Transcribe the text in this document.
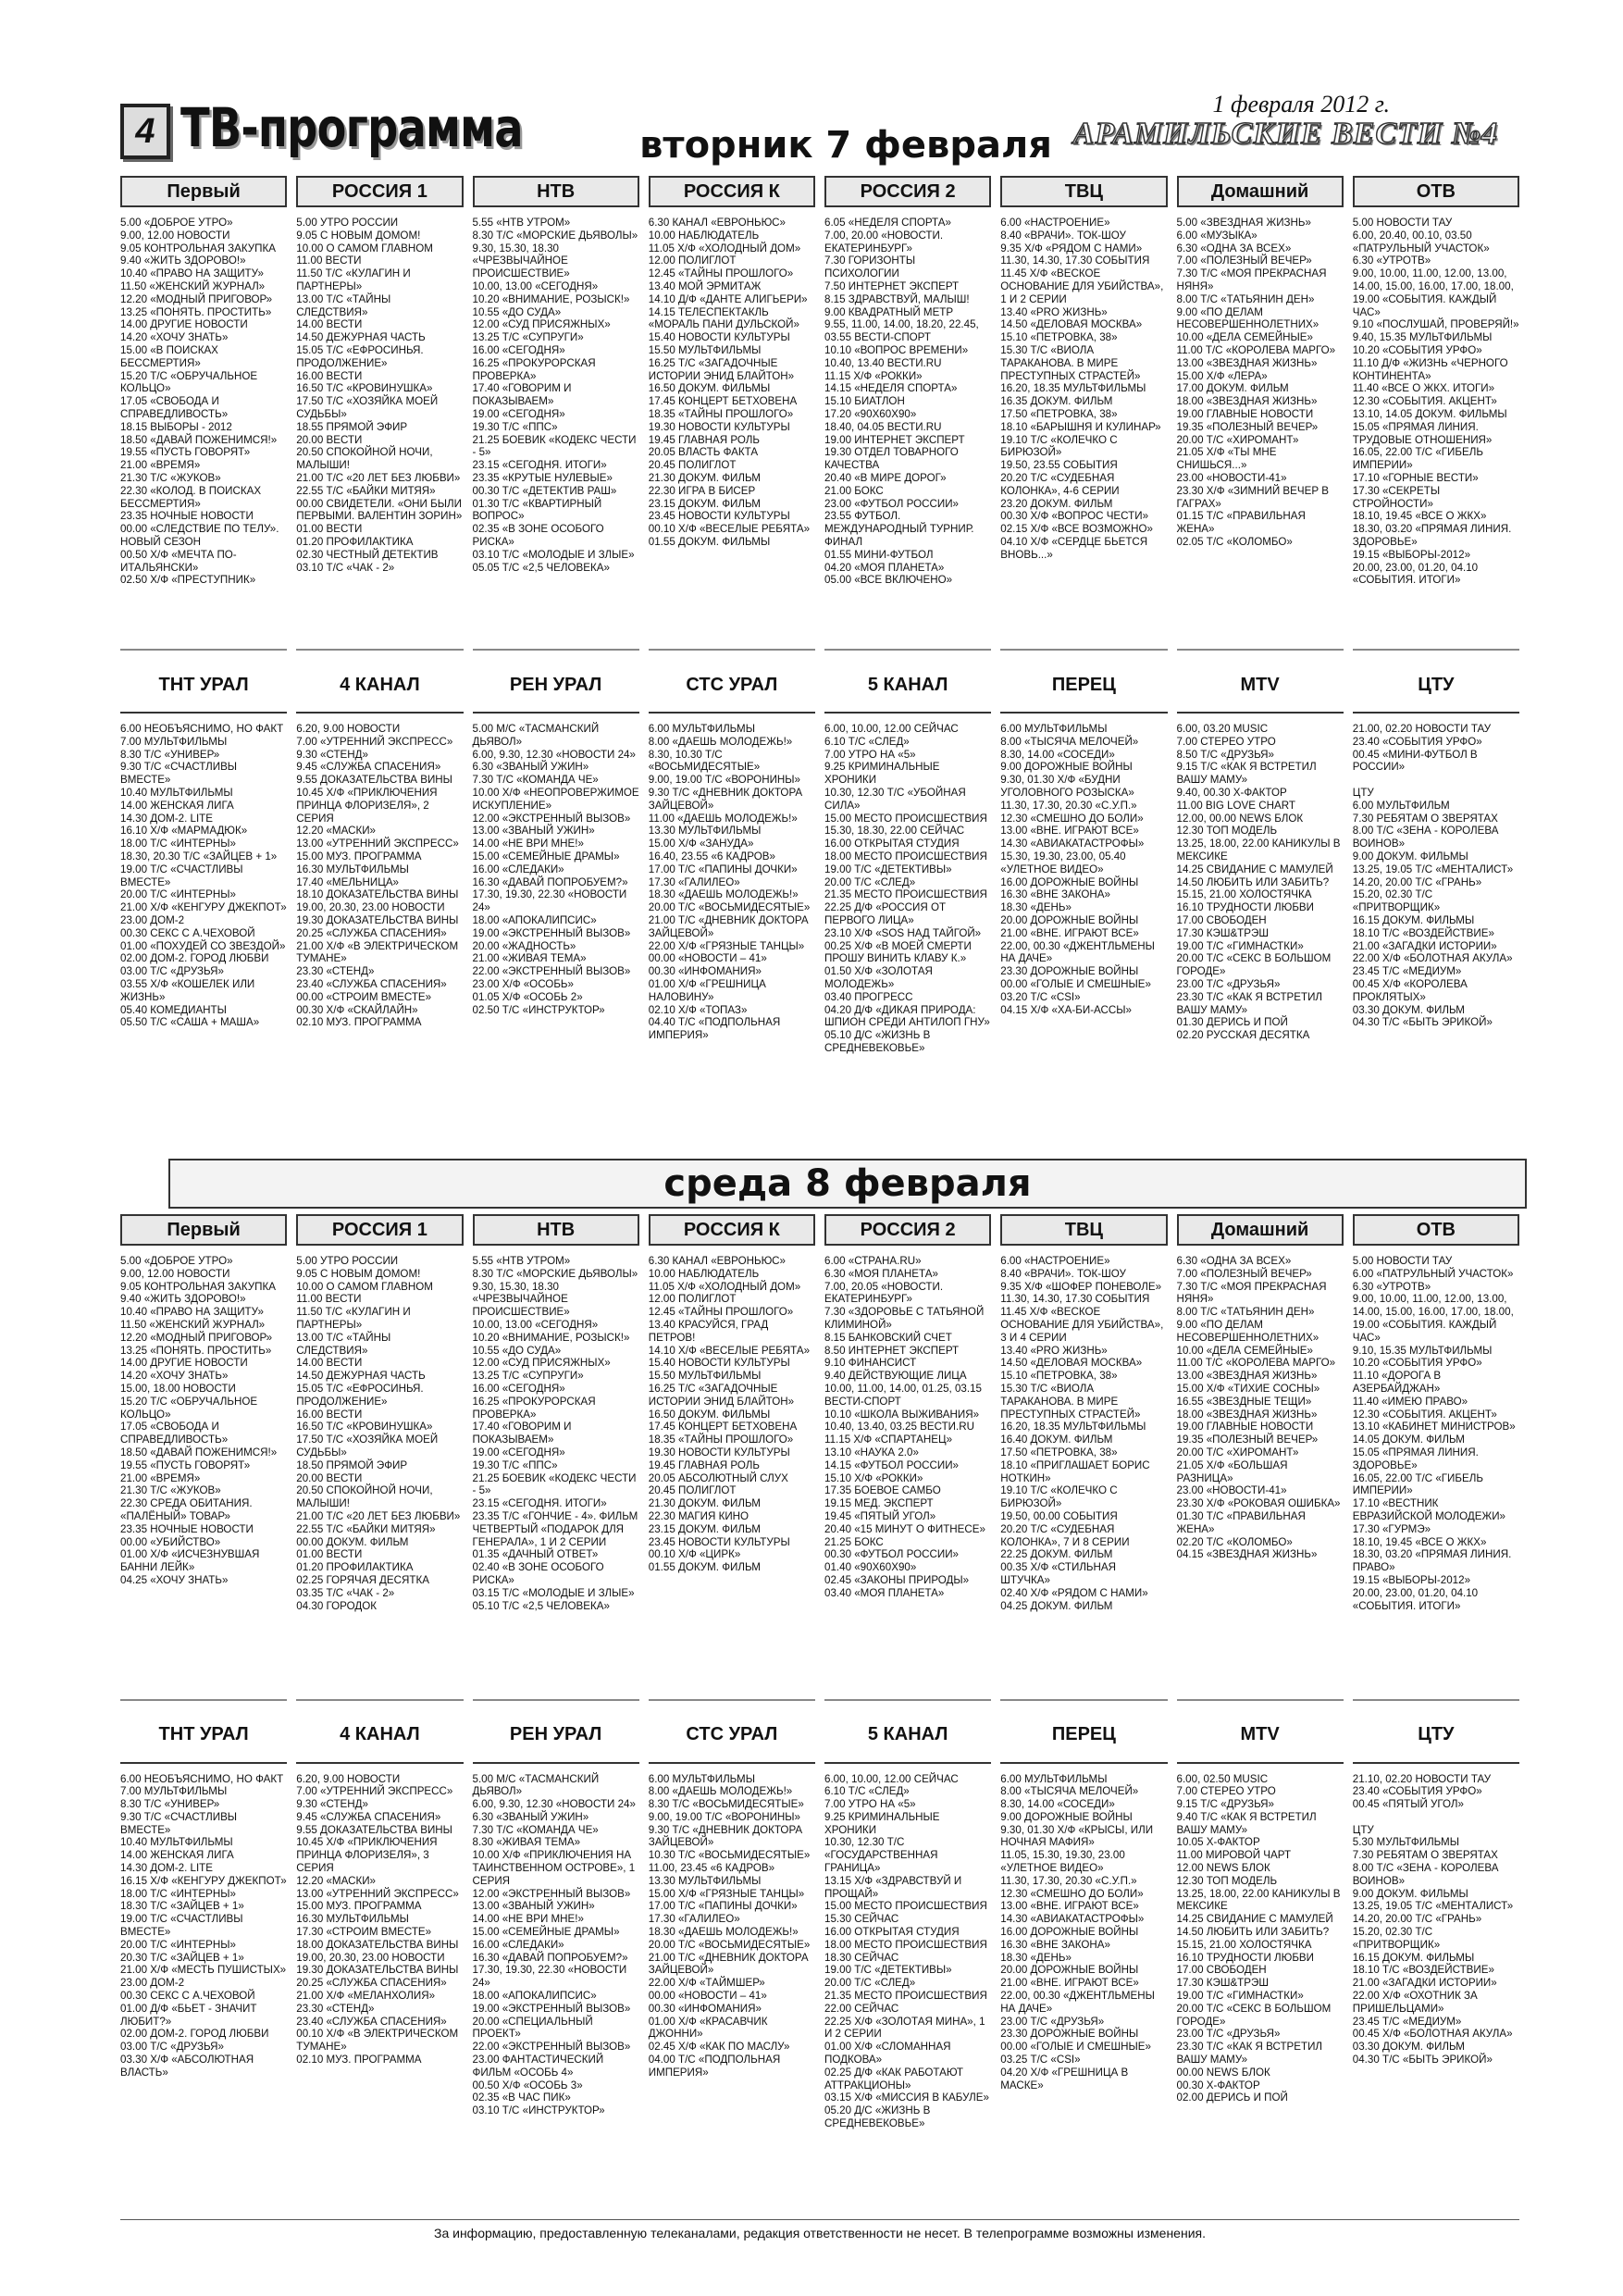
4 ТВ-программа	1 февраля 2012 г.
АРАМИЛЬСКИЕ ВЕСТИ №4
вторник 7 февраля
Первый
5.00 «ДОБРОЕ УТРО»
9.00, 12.00 НОВОСТИ
9.05 КОНТРОЛЬНАЯ ЗАКУПКА
9.40 «ЖИТЬ ЗДОРОВО!»
10.40 «ПРАВО НА ЗАЩИТУ»
11.50 «ЖЕНСКИЙ ЖУРНАЛ»
12.20 «МОДНЫЙ ПРИГОВОР»
13.25 «ПОНЯТЬ. ПРОСТИТЬ»
14.00 ДРУГИЕ НОВОСТИ
14.20 «ХОЧУ ЗНАТЬ»
15.00 «В ПОИСКАХ БЕССМЕРТИЯ»
15.20 Т/С «ОБРУЧАЛЬНОЕ КОЛЬЦО»
17.05 «СВОБОДА И СПРАВЕДЛИВОСТЬ»
18.15 ВЫБОРЫ - 2012
18.50 «ДАВАЙ ПОЖЕНИМСЯ!»
19.55 «ПУСТЬ ГОВОРЯТ»
21.00 «ВРЕМЯ»
21.30 Т/С «ЖУКОВ»
22.30 «КОЛОД. В ПОИСКАХ БЕССМЕРТИЯ»
23.35 НОЧНЫЕ НОВОСТИ
00.00 «СЛЕДСТВИЕ ПО ТЕЛУ». НОВЫЙ СЕЗОН
00.50 Х/Ф «МЕЧТА ПО-ИТАЛЬЯНСКИ»
02.50 Х/Ф «ПРЕСТУПНИК»
ТНТ УРАЛ
6.00 НЕОБЪЯСНИМО, НО ФАКТ
7.00 МУЛЬТФИЛЬМЫ
8.30 Т/С «УНИВЕР»
9.30 Т/С «СЧАСТЛИВЫ ВМЕСТЕ»
10.40 МУЛЬТФИЛЬМЫ
14.00 ЖЕНСКАЯ ЛИГА
14.30 ДОМ-2. LITE
16.10 Х/Ф «МАРМАДЮК»
18.00 Т/С «ИНТЕРНЫ»
18.30, 20.30 Т/С «ЗАЙЦЕВ + 1»
19.00 Т/С «СЧАСТЛИВЫ ВМЕСТЕ»
20.00 Т/С «ИНТЕРНЫ»
21.00 Х/Ф «КЕНГУРУ ДЖЕКПОТ»
23.00 ДОМ-2
00.30 СЕКС С А.ЧЕХОВОЙ
01.00 «ПОХУДЕЙ СО ЗВЕЗДОЙ»
02.00 ДОМ-2. ГОРОД ЛЮБВИ
03.00 Т/С «ДРУЗЬЯ»
03.55 Х/Ф «КОШЕЛЕК ИЛИ ЖИЗНЬ»
05.40 КОМЕДИАНТЫ
05.50 Т/С «САША + МАША»
РОССИЯ 1
5.00 УТРО РОССИИ
9.05 С НОВЫМ ДОМОМ!
10.00 О САМОМ ГЛАВНОМ
11.00 ВЕСТИ
11.50 Т/С «КУЛАГИН И ПАРТНЕРЫ»
13.00 Т/С «ТАЙНЫ СЛЕДСТВИЯ»
14.00 ВЕСТИ
14.50 ДЕЖУРНАЯ ЧАСТЬ
15.05 Т/С «ЕФРОСИНЬЯ. ПРОДОЛЖЕНИЕ»
16.00 ВЕСТИ
16.50 Т/С «КРОВИНУШКА»
17.50 Т/С «ХОЗЯЙКА МОЕЙ СУДЬБЫ»
18.55 ПРЯМОЙ ЭФИР
20.00 ВЕСТИ
20.50 СПОКОЙНОЙ НОЧИ, МАЛЫШИ!
21.00 Т/С «20 ЛЕТ БЕЗ ЛЮБВИ»
22.55 Т/С «БАЙКИ МИТЯЯ»
00.00 СВИДЕТЕЛИ. «ОНИ БЫЛИ ПЕРВЫМИ. ВАЛЕНТИН ЗОРИН»
01.00 ВЕСТИ
01.20 ПРОФИЛАКТИКА
02.30 ЧЕСТНЫЙ ДЕТЕКТИВ
03.10 Т/С «ЧАК - 2»
4 КАНАЛ
6.20, 9.00 НОВОСТИ
7.00 «УТРЕННИЙ ЭКСПРЕСС»
9.30 «СТЕНД»
9.45 «СЛУЖБА СПАСЕНИЯ»
9.55 ДОКАЗАТЕЛЬСТВА ВИНЫ
10.45 Х/Ф «ПРИКЛЮЧЕНИЯ ПРИНЦА ФЛОРИЗЕЛЯ», 2 СЕРИЯ
12.20 «МАСКИ»
13.00 «УТРЕННИЙ ЭКСПРЕСС»
15.00 МУЗ. ПРОГРАММА
16.30 МУЛЬТФИЛЬМЫ
17.40 «МЕЛЬНИЦА»
18.10 ДОКАЗАТЕЛЬСТВА ВИНЫ
19.00, 20.30, 23.00 НОВОСТИ
19.30 ДОКАЗАТЕЛЬСТВА ВИНЫ
20.25 «СЛУЖБА СПАСЕНИЯ»
21.00 Х/Ф «В ЭЛЕКТРИЧЕСКОМ ТУМАНЕ»
23.30 «СТЕНД»
23.40 «СЛУЖБА СПАСЕНИЯ»
00.00 «СТРОИМ ВМЕСТЕ»
00.30 Х/Ф «СКАЙЛАЙН»
02.10 МУЗ. ПРОГРАММА
НТВ
5.55 «НТВ УТРОМ»
8.30 Т/С «МОРСКИЕ ДЬЯВОЛЫ»
9.30, 15.30, 18.30 «ЧРЕЗВЫЧАЙНОЕ ПРОИСШЕСТВИЕ»
10.00, 13.00 «СЕГОДНЯ»
10.20 «ВНИМАНИЕ, РОЗЫСК!»
10.55 «ДО СУДА»
12.00 «СУД ПРИСЯЖНЫХ»
13.25 Т/С «СУПРУГИ»
16.00 «СЕГОДНЯ»
16.25 «ПРОКУРОРСКАЯ ПРОВЕРКА»
17.40 «ГОВОРИМ И ПОКАЗЫВАЕМ»
19.00 «СЕГОДНЯ»
19.30 Т/С «ППС»
21.25 БОЕВИК «КОДЕКС ЧЕСТИ - 5»
23.15 «СЕГОДНЯ. ИТОГИ»
23.35 «КРУТЫЕ НУЛЕВЫЕ»
00.30 Т/С «ДЕТЕКТИВ РАШ»
01.30 Т/С «КВАРТИРНЫЙ ВОПРОС»
02.35 «В ЗОНЕ ОСОБОГО РИСКА»
03.10 Т/С «МОЛОДЫЕ И ЗЛЫЕ»
05.05 Т/С «2,5 ЧЕЛОВЕКА»
РЕН УРАЛ
5.00 М/С «ТАСМАНСКИЙ ДЬЯВОЛ»
6.00, 9.30, 12.30 «НОВОСТИ 24»
6.30 «ЗВАНЫЙ УЖИН»
7.30 Т/С «КОМАНДА ЧЕ»
10.00 Х/Ф «НЕОПРОВЕРЖИМОЕ ИСКУПЛЕНИЕ»
12.00 «ЭКСТРЕННЫЙ ВЫЗОВ»
13.00 «ЗВАНЫЙ УЖИН»
14.00 «НЕ ВРИ МНЕ!»
15.00 «СЕМЕЙНЫЕ ДРАМЫ»
16.00 «СЛЕДАКИ»
16.30 «ДАВАЙ ПОПРОБУЕМ?»
17.30, 19.30, 22.30 «НОВОСТИ 24»
18.00 «АПОКАЛИПСИС»
19.00 «ЭКСТРЕННЫЙ ВЫЗОВ»
20.00 «ЖАДНОСТЬ»
21.00 «ЖИВАЯ ТЕМА»
22.00 «ЭКСТРЕННЫЙ ВЫЗОВ»
23.00 Х/Ф «ОСОБЬ»
01.05 Х/Ф «ОСОБЬ 2»
02.50 Т/С «ИНСТРУКТОР»
РОССИЯ К
6.30 КАНАЛ «ЕВРОНЬЮС»
10.00 НАБЛЮДАТЕЛЬ
11.05 Х/Ф «ХОЛОДНЫЙ ДОМ»
12.00 ПОЛИГЛОТ
12.45 «ТАЙНЫ ПРОШЛОГО»
13.40 МОЙ ЭРМИТАЖ
14.10 Д/Ф «ДАНТЕ АЛИГЬЕРИ»
14.15 ТЕЛЕСПЕКТАКЛЬ «МОРАЛЬ ПАНИ ДУЛЬСКОЙ»
15.40 НОВОСТИ КУЛЬТУРЫ
15.50 МУЛЬТФИЛЬМЫ
16.25 Т/С «ЗАГАДОЧНЫЕ ИСТОРИИ ЭНИД БЛАЙТОН»
16.50 ДОКУМ. ФИЛЬМЫ
17.45 КОНЦЕРТ БЕТХОВЕНА
18.35 «ТАЙНЫ ПРОШЛОГО»
19.30 НОВОСТИ КУЛЬТУРЫ
19.45 ГЛАВНАЯ РОЛЬ
20.05 ВЛАСТЬ ФАКТА
20.45 ПОЛИГЛОТ
21.30 ДОКУМ. ФИЛЬМ
22.30 ИГРА В БИСЕР
23.15 ДОКУМ. ФИЛЬМ
23.45 НОВОСТИ КУЛЬТУРЫ
00.10 Х/Ф «ВЕСЕЛЫЕ РЕБЯТА»
01.55 ДОКУМ. ФИЛЬМЫ
СТС УРАЛ
6.00 МУЛЬТФИЛЬМЫ
8.00 «ДАЕШЬ МОЛОДЕЖЬ!»
8.30, 10.30 Т/С «ВОСЬМИДЕСЯТЫЕ»
9.00, 19.00 Т/С «ВОРОНИНЫ»
9.30 Т/С «ДНЕВНИК ДОКТОРА ЗАЙЦЕВОЙ»
11.00 «ДАЕШЬ МОЛОДЕЖЬ!»
13.30 МУЛЬТФИЛЬМЫ
15.00 Х/Ф «ЗАНУДА»
16.40, 23.55 «6 КАДРОВ»
17.00 Т/С «ПАПИНЫ ДОЧКИ»
17.30 «ГАЛИЛЕО»
18.30 «ДАЕШЬ МОЛОДЕЖЬ!»
20.00 Т/С «ВОСЬМИДЕСЯТЫЕ»
21.00 Т/С «ДНЕВНИК ДОКТОРА ЗАЙЦЕВОЙ»
22.00 Х/Ф «ГРЯЗНЫЕ ТАНЦЫ»
00.00 «НОВОСТИ – 41»
00.30 «ИНФОМАНИЯ»
01.00 Х/Ф «ГРЕШНИЦА НАЛОВИНУ»
02.10 Х/Ф «ТОПАЗ»
04.40 Т/С «ПОДПОЛЬНАЯ ИМПЕРИЯ»
РОССИЯ 2
6.05 «НЕДЕЛЯ СПОРТА»
7.00, 20.00 «НОВОСТИ. ЕКАТЕРИНБУРГ»
7.30 ГОРИЗОНТЫ ПСИХОЛОГИИ
7.50 ИНТЕРНЕТ ЭКСПЕРТ
8.15 ЗДРАВСТВУЙ, МАЛЫШ!
9.00 КВАДРАТНЫЙ МЕТР
9.55, 11.00, 14.00, 18.20, 22.45, 03.55 ВЕСТИ-СПОРТ
10.10 «ВОПРОС ВРЕМЕНИ»
10.40, 13.40 ВЕСТИ.RU
11.15 Х/Ф «РОККИ»
14.15 «НЕДЕЛЯ СПОРТА»
15.10 БИАТЛОН
17.20 «90Х60Х90»
18.40, 04.05 ВЕСТИ.RU
19.00 ИНТЕРНЕТ ЭКСПЕРТ
19.30 ОТДЕЛ ТОВАРНОГО КАЧЕСТВА
20.40 «В МИРЕ ДОРОГ»
21.00 БОКС
23.00 «ФУТБОЛ РОССИИ»
23.55 ФУТБОЛ. МЕЖДУНАРОДНЫЙ ТУРНИР. ФИНАЛ
01.55 МИНИ-ФУТБОЛ
04.20 «МОЯ ПЛАНЕТА»
05.00 «ВСЕ ВКЛЮЧЕНО»
5 КАНАЛ
6.00, 10.00, 12.00 СЕЙЧАС
6.10 Т/С «СЛЕД»
7.00 УТРО НА «5»
9.25 КРИМИНАЛЬНЫЕ ХРОНИКИ
10.30, 12.30 Т/С «УБОЙНАЯ СИЛА»
15.00 МЕСТО ПРОИСШЕСТВИЯ
15.30, 18.30, 22.00 СЕЙЧАС
16.00 ОТКРЫТАЯ СТУДИЯ
18.00 МЕСТО ПРОИСШЕСТВИЯ
19.00 Т/С «ДЕТЕКТИВЫ»
20.00 Т/С «СЛЕД»
21.35 МЕСТО ПРОИСШЕСТВИЯ
22.25 Д/Ф «РОССИЯ ОТ ПЕРВОГО ЛИЦА»
23.10 Х/Ф «SOS НАД ТАЙГОЙ»
00.25 Х/Ф «В МОЕЙ СМЕРТИ ПРОШУ ВИНИТЬ КЛАВУ К.»
01.50 Х/Ф «ЗОЛОТАЯ МОЛОДЕЖЬ»
03.40 ПРОГРЕСС
04.20 Д/Ф «ДИКАЯ ПРИРОДА: ШПИОН СРЕДИ АНТИЛОП ГНУ»
05.10 Д/С «ЖИЗНЬ В СРЕДНЕВЕКОВЬЕ»
ТВЦ
6.00 «НАСТРОЕНИЕ»
8.40 «ВРАЧИ». ТОК-ШОУ
9.35 Х/Ф «РЯДОМ С НАМИ»
11.30, 14.30, 17.30 СОБЫТИЯ
11.45 Х/Ф «ВЕСКОЕ ОСНОВАНИЕ ДЛЯ УБИЙСТВА», 1 И 2 СЕРИИ
13.40 «PRO ЖИЗНЬ»
14.50 «ДЕЛОВАЯ МОСКВА»
15.10 «ПЕТРОВКА, 38»
15.30 Т/С «ВИОЛА ТАРАКАНОВА. В МИРЕ ПРЕСТУПНЫХ СТРАСТЕЙ»
16.20, 18.35 МУЛЬТФИЛЬМЫ
16.35 ДОКУМ. ФИЛЬМ
17.50 «ПЕТРОВКА, 38»
18.10 «БАРЫШНЯ И КУЛИНАР»
19.10 Т/С «КОЛЕЧКО С БИРЮЗОЙ»
19.50, 23.55 СОБЫТИЯ
20.20 Т/С «СУДЕБНАЯ КОЛОНКА», 4-6 СЕРИИ
23.20 ДОКУМ. ФИЛЬМ
00.30 Х/Ф «ВОПРОС ЧЕСТИ»
02.15 Х/Ф «ВСЕ ВОЗМОЖНО»
04.10 Х/Ф «СЕРДЦЕ БЬЕТСЯ ВНОВЬ...»
ПЕРЕЦ
6.00 МУЛЬТФИЛЬМЫ
8.00 «ТЫСЯЧА МЕЛОЧЕЙ»
8.30, 14.00 «СОСЕДИ»
9.00 ДОРОЖНЫЕ ВОЙНЫ
9.30, 01.30 Х/Ф «БУДНИ УГОЛОВНОГО РОЗЫСКА»
11.30, 17.30, 20.30 «С.У.П.»
12.30 «СМЕШНО ДО БОЛИ»
13.00 «ВНЕ. ИГРАЮТ ВСЕ»
14.30 «АВИАКАТАСТРОФЫ»
15.30, 19.30, 23.00, 05.40 «УЛЕТНОЕ ВИДЕО»
16.00 ДОРОЖНЫЕ ВОЙНЫ
16.30 «ВНЕ ЗАКОНА»
18.30 «ДЕНЬ»
20.00 ДОРОЖНЫЕ ВОЙНЫ
21.00 «ВНЕ. ИГРАЮТ ВСЕ»
22.00, 00.30 «ДЖЕНТЛЬМЕНЫ НА ДАЧЕ»
23.30 ДОРОЖНЫЕ ВОЙНЫ
00.00 «ГОЛЫЕ И СМЕШНЫЕ»
03.20 Т/С «CSI»
04.15 Х/Ф «ХА-БИ-АССЫ»
Домашний
5.00 «ЗВЕЗДНАЯ ЖИЗНЬ»
6.00 «МУЗЫКА»
6.30 «ОДНА ЗА ВСЕХ»
7.00 «ПОЛЕЗНЫЙ ВЕЧЕР»
7.30 Т/С «МОЯ ПРЕКРАСНАЯ НЯНЯ»
8.00 Т/С «ТАТЬЯНИН ДЕН»
9.00 «ПО ДЕЛАМ НЕСОВЕРШЕННОЛЕТНИХ»
10.00 «ДЕЛА СЕМЕЙНЫЕ»
11.00 Т/С «КОРОЛЕВА МАРГО»
13.00 «ЗВЕЗДНАЯ ЖИЗНЬ»
15.00 Х/Ф «ЛЕРА»
17.00 ДОКУМ. ФИЛЬМ
18.00 «ЗВЕЗДНАЯ ЖИЗНЬ»
19.00 ГЛАВНЫЕ НОВОСТИ
19.35 «ПОЛЕЗНЫЙ ВЕЧЕР»
20.00 Т/С «ХИРОМАНТ»
21.05 Х/Ф «ТЫ МНЕ СНИШЬСЯ...»
23.00 «НОВОСТИ-41»
23.30 Х/Ф «ЗИМНИЙ ВЕЧЕР В ГАГРАХ»
01.15 Т/С «ПРАВИЛЬНАЯ ЖЕНА»
02.05 Т/С «КОЛОМБО»
MTV
6.00, 03.20 MUSIC
7.00 СТЕРЕО УТРО
8.50 Т/С «ДРУЗЬЯ»
9.15 Т/С «КАК Я ВСТРЕТИЛ ВАШУ МАМУ»
9.40, 00.30 Х-ФАКТОР
11.00 BIG LOVE CHART
12.00, 00.00 NEWS БЛОК
12.30 ТОП МОДЕЛЬ
13.25, 18.00, 22.00 КАНИКУЛЫ В МЕКСИКЕ
14.25 СВИДАНИЕ С МАМУЛЕЙ
14.50 ЛЮБИТЬ ИЛИ ЗАБИТЬ?
15.15, 21.00 ХОЛОСТЯЧКА
16.10 ТРУДНОСТИ ЛЮБВИ
17.00 СВОБОДЕН
17.30 КЭШ&ТРЭШ
19.00 Т/С «ГИМНАСТКИ»
20.00 Т/С «СЕКС В БОЛЬШОМ ГОРОДЕ»
23.00 Т/С «ДРУЗЬЯ»
23.30 Т/С «КАК Я ВСТРЕТИЛ ВАШУ МАМУ»
01.30 ДЕРИСЬ И ПОЙ
02.20 РУССКАЯ ДЕСЯТКА
ОТВ
5.00 НОВОСТИ ТАУ
6.00, 20.40, 00.10, 03.50 «ПАТРУЛЬНЫЙ УЧАСТОК»
6.30 «УТРОТВ»
9.00, 10.00, 11.00, 12.00, 13.00, 14.00, 15.00, 16.00, 17.00, 18.00, 19.00 «СОБЫТИЯ. КАЖДЫЙ ЧАС»
9.10 «ПОСЛУШАЙ, ПРОВЕРЯЙ!»
9.40, 15.35 МУЛЬТФИЛЬМЫ
10.20 «СОБЫТИЯ УРФО»
11.10 Д/Ф «ЖИЗНЬ «ЧЕРНОГО КОНТИНЕНТА»
11.40 «ВСЕ О ЖКХ. ИТОГИ»
12.30 «СОБЫТИЯ. АКЦЕНТ»
13.10, 14.05 ДОКУМ. ФИЛЬМЫ
15.05 «ПРЯМАЯ ЛИНИЯ. ТРУДОВЫЕ ОТНОШЕНИЯ»
16.05, 22.00 Т/С «ГИБЕЛЬ ИМПЕРИИ»
17.10 «ГОРНЫЕ ВЕСТИ»
17.30 «СЕКРЕТЫ СТРОЙНОСТИ»
18.10, 19.45 «ВСЕ О ЖКХ»
18.30, 03.20 «ПРЯМАЯ ЛИНИЯ. ЗДОРОВЬЕ»
19.15 «ВЫБОРЫ-2012»
20.00, 23.00, 01.20, 04.10 «СОБЫТИЯ. ИТОГИ»
ЦТУ
21.00, 02.20 НОВОСТИ ТАУ
23.40 «СОБЫТИЯ УРФО»
00.45 «МИНИ-ФУТБОЛ В РОССИИ»

ЦТУ
6.00 МУЛЬТФИЛЬМ
7.30 РЕБЯТАМ О ЗВЕРЯТАХ
8.00 Т/С «ЗЕНА - КОРОЛЕВА ВОИНОВ»
9.00 ДОКУМ. ФИЛЬМЫ
13.25, 19.05 Т/С «МЕНТАЛИСТ»
14.20, 20.00 Т/С «ГРАНЬ»
15.20, 02.30 Т/С «ПРИТВОРЩИК»
16.15 ДОКУМ. ФИЛЬМЫ
18.10 Т/С «ВОЗДЕЙСТВИЕ»
21.00 «ЗАГАДКИ ИСТОРИИ»
22.00 Х/Ф «БОЛОТНАЯ АКУЛА»
23.45 Т/С «МЕДИУМ»
00.45 Х/Ф «КОРОЛЕВА ПРОКЛЯТЫХ»
03.30 ДОКУМ. ФИЛЬМ
04.30 Т/С «БЫТЬ ЭРИКОЙ»
среда 8 февраля
Первый
5.00 «ДОБРОЕ УТРО»
9.00, 12.00 НОВОСТИ
9.05 КОНТРОЛЬНАЯ ЗАКУПКА
9.40 «ЖИТЬ ЗДОРОВО!»
10.40 «ПРАВО НА ЗАЩИТУ»
11.50 «ЖЕНСКИЙ ЖУРНАЛ»
12.20 «МОДНЫЙ ПРИГОВОР»
13.25 «ПОНЯТЬ. ПРОСТИТЬ»
14.00 ДРУГИЕ НОВОСТИ
14.20 «ХОЧУ ЗНАТЬ»
15.00, 18.00 НОВОСТИ
15.20 Т/С «ОБРУЧАЛЬНОЕ КОЛЬЦО»
17.05 «СВОБОДА И СПРАВЕДЛИВОСТЬ»
18.50 «ДАВАЙ ПОЖЕНИМСЯ!»
19.55 «ПУСТЬ ГОВОРЯТ»
21.00 «ВРЕМЯ»
21.30 Т/С «ЖУКОВ»
22.30 СРЕДА ОБИТАНИЯ. «ПАЛЁНЫЙ» ТОВАР»
23.35 НОЧНЫЕ НОВОСТИ
00.00 «УБИЙСТВО»
01.00 Х/Ф «ИСЧЕЗНУВШАЯ БАННИ ЛЕЙК»
04.25 «ХОЧУ ЗНАТЬ»
ТНТ УРАЛ
6.00 НЕОБЪЯСНИМО, НО ФАКТ
7.00 МУЛЬТФИЛЬМЫ
8.30 Т/С «УНИВЕР»
9.30 Т/С «СЧАСТЛИВЫ ВМЕСТЕ»
10.40 МУЛЬТФИЛЬМЫ
14.00 ЖЕНСКАЯ ЛИГА
14.30 ДОМ-2. LITE
16.15 Х/Ф «КЕНГУРУ ДЖЕКПОТ»
18.00 Т/С «ИНТЕРНЫ»
18.30 Т/С «ЗАЙЦЕВ + 1»
19.00 Т/С «СЧАСТЛИВЫ ВМЕСТЕ»
20.00 Т/С «ИНТЕРНЫ»
20.30 Т/С «ЗАЙЦЕВ + 1»
21.00 Х/Ф «МЕСТЬ ПУШИСТЫХ»
23.00 ДОМ-2
00.30 СЕКС С А.ЧЕХОВОЙ
01.00 Д/Ф «БЬЕТ - ЗНАЧИТ ЛЮБИТ?»
02.00 ДОМ-2. ГОРОД ЛЮБВИ
03.00 Т/С «ДРУЗЬЯ»
03.30 Х/Ф «АБСОЛЮТНАЯ ВЛАСТЬ»
РОССИЯ 1
5.00 УТРО РОССИИ
9.05 С НОВЫМ ДОМОМ!
10.00 О САМОМ ГЛАВНОМ
11.00 ВЕСТИ
11.50 Т/С «КУЛАГИН И ПАРТНЕРЫ»
13.00 Т/С «ТАЙНЫ СЛЕДСТВИЯ»
14.00 ВЕСТИ
14.50 ДЕЖУРНАЯ ЧАСТЬ
15.05 Т/С «ЕФРОСИНЬЯ. ПРОДОЛЖЕНИЕ»
16.00 ВЕСТИ
16.50 Т/С «КРОВИНУШКА»
17.50 Т/С «ХОЗЯЙКА МОЕЙ СУДЬБЫ»
18.50 ПРЯМОЙ ЭФИР
20.00 ВЕСТИ
20.50 СПОКОЙНОЙ НОЧИ, МАЛЫШИ!
21.00 Т/С «20 ЛЕТ БЕЗ ЛЮБВИ»
22.55 Т/С «БАЙКИ МИТЯЯ»
00.00 ДОКУМ. ФИЛЬМ
01.00 ВЕСТИ
01.20 ПРОФИЛАКТИКА
02.25 ГОРЯЧАЯ ДЕСЯТКА
03.35 Т/С «ЧАК - 2»
04.30 ГОРОДОК
4 КАНАЛ
6.20, 9.00 НОВОСТИ
7.00 «УТРЕННИЙ ЭКСПРЕСС»
9.30 «СТЕНД»
9.45 «СЛУЖБА СПАСЕНИЯ»
9.55 ДОКАЗАТЕЛЬСТВА ВИНЫ
10.45 Х/Ф «ПРИКЛЮЧЕНИЯ ПРИНЦА ФЛОРИЗЕЛЯ», 3 СЕРИЯ
12.20 «МАСКИ»
13.00 «УТРЕННИЙ ЭКСПРЕСС»
15.00 МУЗ. ПРОГРАММА
16.30 МУЛЬТФИЛЬМЫ
17.30 «СТРОИМ ВМЕСТЕ»
18.00 ДОКАЗАТЕЛЬСТВА ВИНЫ
19.00, 20.30, 23.00 НОВОСТИ
19.30 ДОКАЗАТЕЛЬСТВА ВИНЫ
20.25 «СЛУЖБА СПАСЕНИЯ»
21.00 Х/Ф «МЕЛАНХОЛИЯ»
23.30 «СТЕНД»
23.40 «СЛУЖБА СПАСЕНИЯ»
00.10 Х/Ф «В ЭЛЕКТРИЧЕСКОМ ТУМАНЕ»
02.10 МУЗ. ПРОГРАММА
НТВ
5.55 «НТВ УТРОМ»
8.30 Т/С «МОРСКИЕ ДЬЯВОЛЫ»
9.30, 15.30, 18.30 «ЧРЕЗВЫЧАЙНОЕ ПРОИСШЕСТВИЕ»
10.00, 13.00 «СЕГОДНЯ»
10.20 «ВНИМАНИЕ, РОЗЫСК!»
10.55 «ДО СУДА»
12.00 «СУД ПРИСЯЖНЫХ»
13.25 Т/С «СУПРУГИ»
16.00 «СЕГОДНЯ»
16.25 «ПРОКУРОРСКАЯ ПРОВЕРКА»
17.40 «ГОВОРИМ И ПОКАЗЫВАЕМ»
19.00 «СЕГОДНЯ»
19.30 Т/С «ППС»
21.25 БОЕВИК «КОДЕКС ЧЕСТИ - 5»
23.15 «СЕГОДНЯ. ИТОГИ»
23.35 Т/С «ГОНЧИЕ - 4». ФИЛЬМ ЧЕТВЕРТЫЙ «ПОДАРОК ДЛЯ ГЕНЕРАЛА», 1 И 2 СЕРИИ
01.35 «ДАЧНЫЙ ОТВЕТ»
02.40 «В ЗОНЕ ОСОБОГО РИСКА»
03.15 Т/С «МОЛОДЫЕ И ЗЛЫЕ»
05.10 Т/С «2,5 ЧЕЛОВЕКА»
РЕН УРАЛ
5.00 М/С «ТАСМАНСКИЙ ДЬЯВОЛ»
6.00, 9.30, 12.30 «НОВОСТИ 24»
6.30 «ЗВАНЫЙ УЖИН»
7.30 Т/С «КОМАНДА ЧЕ»
8.30 «ЖИВАЯ ТЕМА»
10.00 Х/Ф «ПРИКЛЮЧЕНИЯ НА ТАИНСТВЕННОМ ОСТРОВЕ», 1 СЕРИЯ
12.00 «ЭКСТРЕННЫЙ ВЫЗОВ»
13.00 «ЗВАНЫЙ УЖИН»
14.00 «НЕ ВРИ МНЕ!»
15.00 «СЕМЕЙНЫЕ ДРАМЫ»
16.00 «СЛЕДАКИ»
16.30 «ДАВАЙ ПОПРОБУЕМ?»
17.30, 19.30, 22.30 «НОВОСТИ 24»
18.00 «АПОКАЛИПСИС»
19.00 «ЭКСТРЕННЫЙ ВЫЗОВ»
20.00 «СПЕЦИАЛЬНЫЙ ПРОЕКТ»
22.00 «ЭКСТРЕННЫЙ ВЫЗОВ»
23.00 ФАНТАСТИЧЕСКИЙ ФИЛЬМ «ОСОБЬ 4»
00.50 Х/Ф «ОСОБЬ 3»
02.35 «В ЧАС ПИК»
03.10 Т/С «ИНСТРУКТОР»
РОССИЯ К
6.30 КАНАЛ «ЕВРОНЬЮС»
10.00 НАБЛЮДАТЕЛЬ
11.05 Х/Ф «ХОЛОДНЫЙ ДОМ»
12.00 ПОЛИГЛОТ
12.45 «ТАЙНЫ ПРОШЛОГО»
13.40 КРАСУЙСЯ, ГРАД ПЕТРОВ!
14.10 Х/Ф «ВЕСЕЛЫЕ РЕБЯТА»
15.40 НОВОСТИ КУЛЬТУРЫ
15.50 МУЛЬТФИЛЬМЫ
16.25 Т/С «ЗАГАДОЧНЫЕ ИСТОРИИ ЭНИД БЛАЙТОН»
16.50 ДОКУМ. ФИЛЬМЫ
17.45 КОНЦЕРТ БЕТХОВЕНА
18.35 «ТАЙНЫ ПРОШЛОГО»
19.30 НОВОСТИ КУЛЬТУРЫ
19.45 ГЛАВНАЯ РОЛЬ
20.05 АБСОЛЮТНЫЙ СЛУХ
20.45 ПОЛИГЛОТ
21.30 ДОКУМ. ФИЛЬМ
22.30 МАГИЯ КИНО
23.15 ДОКУМ. ФИЛЬМ
23.45 НОВОСТИ КУЛЬТУРЫ
00.10 Х/Ф «ЦИРК»
01.55 ДОКУМ. ФИЛЬМ
СТС УРАЛ
6.00 МУЛЬТФИЛЬМЫ
8.00 «ДАЕШЬ МОЛОДЕЖЬ!»
8.30 Т/С «ВОСЬМИДЕСЯТЫЕ»
9.00, 19.00 Т/С «ВОРОНИНЫ»
9.30 Т/С «ДНЕВНИК ДОКТОРА ЗАЙЦЕВОЙ»
10.30 Т/С «ВОСЬМИДЕСЯТЫЕ»
11.00, 23.45 «6 КАДРОВ»
13.30 МУЛЬТФИЛЬМЫ
15.00 Х/Ф «ГРЯЗНЫЕ ТАНЦЫ»
17.00 Т/С «ПАПИНЫ ДОЧКИ»
17.30 «ГАЛИЛЕО»
18.30 «ДАЕШЬ МОЛОДЕЖЬ!»
20.00 Т/С «ВОСЬМИДЕСЯТЫЕ»
21.00 Т/С «ДНЕВНИК ДОКТОРА ЗАЙЦЕВОЙ»
22.00 Х/Ф «ТАЙМШЕР»
00.00 «НОВОСТИ – 41»
00.30 «ИНФОМАНИЯ»
01.00 Х/Ф «КРАСАВЧИК ДЖОННИ»
02.45 Х/Ф «КАК ПО МАСЛУ»
04.00 Т/С «ПОДПОЛЬНАЯ ИМПЕРИЯ»
РОССИЯ 2
6.00 «СТРАНА.RU»
6.30 «МОЯ ПЛАНЕТА»
7.00, 20.05 «НОВОСТИ. ЕКАТЕРИНБУРГ»
7.30 «ЗДОРОВЬЕ С ТАТЬЯНОЙ КЛИМИНОЙ»
8.15 БАНКОВСКИЙ СЧЕТ
8.50 ИНТЕРНЕТ ЭКСПЕРТ
9.10 ФИНАНСИСТ
9.40 ДЕЙСТВУЮЩИЕ ЛИЦА
10.00, 11.00, 14.00, 01.25, 03.15 ВЕСТИ-СПОРТ
10.10 «ШКОЛА ВЫЖИВАНИЯ»
10.40, 13.40, 03.25 ВЕСТИ.RU
11.15 Х/Ф «СПАРТАНЕЦ»
13.10 «НАУКА 2.0»
14.15 «ФУТБОЛ РОССИИ»
15.10 Х/Ф «РОККИ»
17.35 БОЕВОЕ САМБО
19.15 МЕД. ЭКСПЕРТ
19.45 «ПЯТЫЙ УГОЛ»
20.40 «15 МИНУТ О ФИТНЕСЕ»
21.25 БОКС
00.30 «ФУТБОЛ РОССИИ»
01.40 «90Х60Х90»
02.45 «ЗАКОНЫ ПРИРОДЫ»
03.40 «МОЯ ПЛАНЕТА»
5 КАНАЛ
6.00, 10.00, 12.00 СЕЙЧАС
6.10 Т/С «СЛЕД»
7.00 УТРО НА «5»
9.25 КРИМИНАЛЬНЫЕ ХРОНИКИ
10.30, 12.30 Т/С «ГОСУДАРСТВЕННАЯ ГРАНИЦА»
13.15 Х/Ф «ЗДРАВСТВУЙ И ПРОЩАЙ»
15.00 МЕСТО ПРОИСШЕСТВИЯ
15.30 СЕЙЧАС
16.00 ОТКРЫТАЯ СТУДИЯ
18.00 МЕСТО ПРОИСШЕСТВИЯ
18.30 СЕЙЧАС
19.00 Т/С «ДЕТЕКТИВЫ»
20.00 Т/С «СЛЕД»
21.35 МЕСТО ПРОИСШЕСТВИЯ
22.00 СЕЙЧАС
22.25 Х/Ф «ЗОЛОТАЯ МИНА», 1 И 2 СЕРИИ
01.00 Х/Ф «СЛОМАННАЯ ПОДКОВА»
02.25 Д/Ф «КАК РАБОТАЮТ АТТРАКЦИОНЫ»
03.15 Х/Ф «МИССИЯ В КАБУЛЕ»
05.20 Д/С «ЖИЗНЬ В СРЕДНЕВЕКОВЬЕ»
ТВЦ
6.00 «НАСТРОЕНИЕ»
8.40 «ВРАЧИ». ТОК-ШОУ
9.35 Х/Ф «ШОФЕР ПОНЕВОЛЕ»
11.30, 14.30, 17.30 СОБЫТИЯ
11.45 Х/Ф «ВЕСКОЕ ОСНОВАНИЕ ДЛЯ УБИЙСТВА», 3 И 4 СЕРИИ
13.40 «PRO ЖИЗНЬ»
14.50 «ДЕЛОВАЯ МОСКВА»
15.10 «ПЕТРОВКА, 38»
15.30 Т/С «ВИОЛА ТАРАКАНОВА. В МИРЕ ПРЕСТУПНЫХ СТРАСТЕЙ»
16.20, 18.35 МУЛЬТФИЛЬМЫ
16.40 ДОКУМ. ФИЛЬМ
17.50 «ПЕТРОВКА, 38»
18.10 «ПРИГЛАШАЕТ БОРИС НОТКИН»
19.10 Т/С «КОЛЕЧКО С БИРЮЗОЙ»
19.50, 00.00 СОБЫТИЯ
20.20 Т/С «СУДЕБНАЯ КОЛОНКА», 7 И 8 СЕРИИ
22.25 ДОКУМ. ФИЛЬМ
00.35 Х/Ф «СТИЛЬНАЯ ШТУЧКА»
02.40 Х/Ф «РЯДОМ С НАМИ»
04.25 ДОКУМ. ФИЛЬМ
ПЕРЕЦ
6.00 МУЛЬТФИЛЬМЫ
8.00 «ТЫСЯЧА МЕЛОЧЕЙ»
8.30, 14.00 «СОСЕДИ»
9.00 ДОРОЖНЫЕ ВОЙНЫ
9.30, 01.30 Х/Ф «КРЫСЫ, ИЛИ НОЧНАЯ МАФИЯ»
11.05, 15.30, 19.30, 23.00 «УЛЕТНОЕ ВИДЕО»
11.30, 17.30, 20.30 «С.У.П.»
12.30 «СМЕШНО ДО БОЛИ»
13.00 «ВНЕ. ИГРАЮТ ВСЕ»
14.30 «АВИАКАТАСТРОФЫ»
16.00 ДОРОЖНЫЕ ВОЙНЫ
16.30 «ВНЕ ЗАКОНА»
18.30 «ДЕНЬ»
20.00 ДОРОЖНЫЕ ВОЙНЫ
21.00 «ВНЕ. ИГРАЮТ ВСЕ»
22.00, 00.30 «ДЖЕНТЛЬМЕНЫ НА ДАЧЕ»
23.00 Т/С «ДРУЗЬЯ»
23.30 ДОРОЖНЫЕ ВОЙНЫ
00.00 «ГОЛЫЕ И СМЕШНЫЕ»
03.25 Т/С «CSI»
04.20 Х/Ф «ГРЕШНИЦА В МАСКЕ»
Домашний
6.30 «ОДНА ЗА ВСЕХ»
7.00 «ПОЛЕЗНЫЙ ВЕЧЕР»
7.30 Т/С «МОЯ ПРЕКРАСНАЯ НЯНЯ»
8.00 Т/С «ТАТЬЯНИН ДЕН»
9.00 «ПО ДЕЛАМ НЕСОВЕРШЕННОЛЕТНИХ»
10.00 «ДЕЛА СЕМЕЙНЫЕ»
11.00 Т/С «КОРОЛЕВА МАРГО»
13.00 «ЗВЕЗДНАЯ ЖИЗНЬ»
15.00 Х/Ф «ТИХИЕ СОСНЫ»
16.55 «ЗВЕЗДНЫЕ ТЕЩИ»
18.00 «ЗВЕЗДНАЯ ЖИЗНЬ»
19.00 ГЛАВНЫЕ НОВОСТИ
19.35 «ПОЛЕЗНЫЙ ВЕЧЕР»
20.00 Т/С «ХИРОМАНТ»
21.05 Х/Ф «БОЛЬШАЯ РАЗНИЦА»
23.00 «НОВОСТИ-41»
23.30 Х/Ф «РОКОВАЯ ОШИБКА»
01.30 Т/С «ПРАВИЛЬНАЯ ЖЕНА»
02.20 Т/С «КОЛОМБО»
04.15 «ЗВЕЗДНАЯ ЖИЗНЬ»
MTV
6.00, 02.50 MUSIC
7.00 СТЕРЕО УТРО
9.15 Т/С «ДРУЗЬЯ»
9.40 Т/С «КАК Я ВСТРЕТИЛ ВАШУ МАМУ»
10.05 Х-ФАКТОР
11.00 МИРОВОЙ ЧАРТ
12.00 NEWS БЛОК
12.30 ТОП МОДЕЛЬ
13.25, 18.00, 22.00 КАНИКУЛЫ В МЕКСИКЕ
14.25 СВИДАНИЕ С МАМУЛЕЙ
14.50 ЛЮБИТЬ ИЛИ ЗАБИТЬ?
15.15, 21.00 ХОЛОСТЯЧКА
16.10 ТРУДНОСТИ ЛЮБВИ
17.00 СВОБОДЕН
17.30 КЭШ&ТРЭШ
19.00 Т/С «ГИМНАСТКИ»
20.00 Т/С «СЕКС В БОЛЬШОМ ГОРОДЕ»
23.00 Т/С «ДРУЗЬЯ»
23.30 Т/С «КАК Я ВСТРЕТИЛ ВАШУ МАМУ»
00.00 NEWS БЛОК
00.30 Х-ФАКТОР
02.00 ДЕРИСЬ И ПОЙ
ОТВ
5.00 НОВОСТИ ТАУ
6.00 «ПАТРУЛЬНЫЙ УЧАСТОК»
6.30 «УТРОТВ»
9.00, 10.00, 11.00, 12.00, 13.00, 14.00, 15.00, 16.00, 17.00, 18.00, 19.00 «СОБЫТИЯ. КАЖДЫЙ ЧАС»
9.10, 15.35 МУЛЬТФИЛЬМЫ
10.20 «СОБЫТИЯ УРФО»
11.10 «ДОРОГА В АЗЕРБАЙДЖАН»
11.40 «ИМЕЮ ПРАВО»
12.30 «СОБЫТИЯ. АКЦЕНТ»
13.10 «КАБИНЕТ МИНИСТРОВ»
14.05 ДОКУМ. ФИЛЬМ
15.05 «ПРЯМАЯ ЛИНИЯ. ЗДОРОВЬЕ»
16.05, 22.00 Т/С «ГИБЕЛЬ ИМПЕРИИ»
17.10 «ВЕСТНИК ЕВРАЗИЙСКОЙ МОЛОДЕЖИ»
17.30 «ГУРМЭ»
18.10, 19.45 «ВСЕ О ЖКХ»
18.30, 03.20 «ПРЯМАЯ ЛИНИЯ. ПРАВО»
19.15 «ВЫБОРЫ-2012»
20.00, 23.00, 01.20, 04.10 «СОБЫТИЯ. ИТОГИ»
ЦТУ
21.10, 02.20 НОВОСТИ ТАУ
23.40 «СОБЫТИЯ УРФО»
00.45 «ПЯТЫЙ УГОЛ»

ЦТУ
5.30 МУЛЬТФИЛЬМЫ
7.30 РЕБЯТАМ О ЗВЕРЯТАХ
8.00 Т/С «ЗЕНА - КОРОЛЕВА ВОИНОВ»
9.00 ДОКУМ. ФИЛЬМЫ
13.25, 19.05 Т/С «МЕНТАЛИСТ»
14.20, 20.00 Т/С «ГРАНЬ»
15.20, 02.30 Т/С «ПРИТВОРЩИК»
16.15 ДОКУМ. ФИЛЬМЫ
18.10 Т/С «ВОЗДЕЙСТВИЕ»
21.00 «ЗАГАДКИ ИСТОРИИ»
22.00 Х/Ф «ОХОТНИК ЗА ПРИШЕЛЬЦАМИ»
23.45 Т/С «МЕДИУМ»
00.45 Х/Ф «БОЛОТНАЯ АКУЛА»
03.30 ДОКУМ. ФИЛЬМ
04.30 Т/С «БЫТЬ ЭРИКОЙ»
За информацию, предоставленную телеканалами, редакция ответственности не несет. В телепрограмме возможны изменения.
